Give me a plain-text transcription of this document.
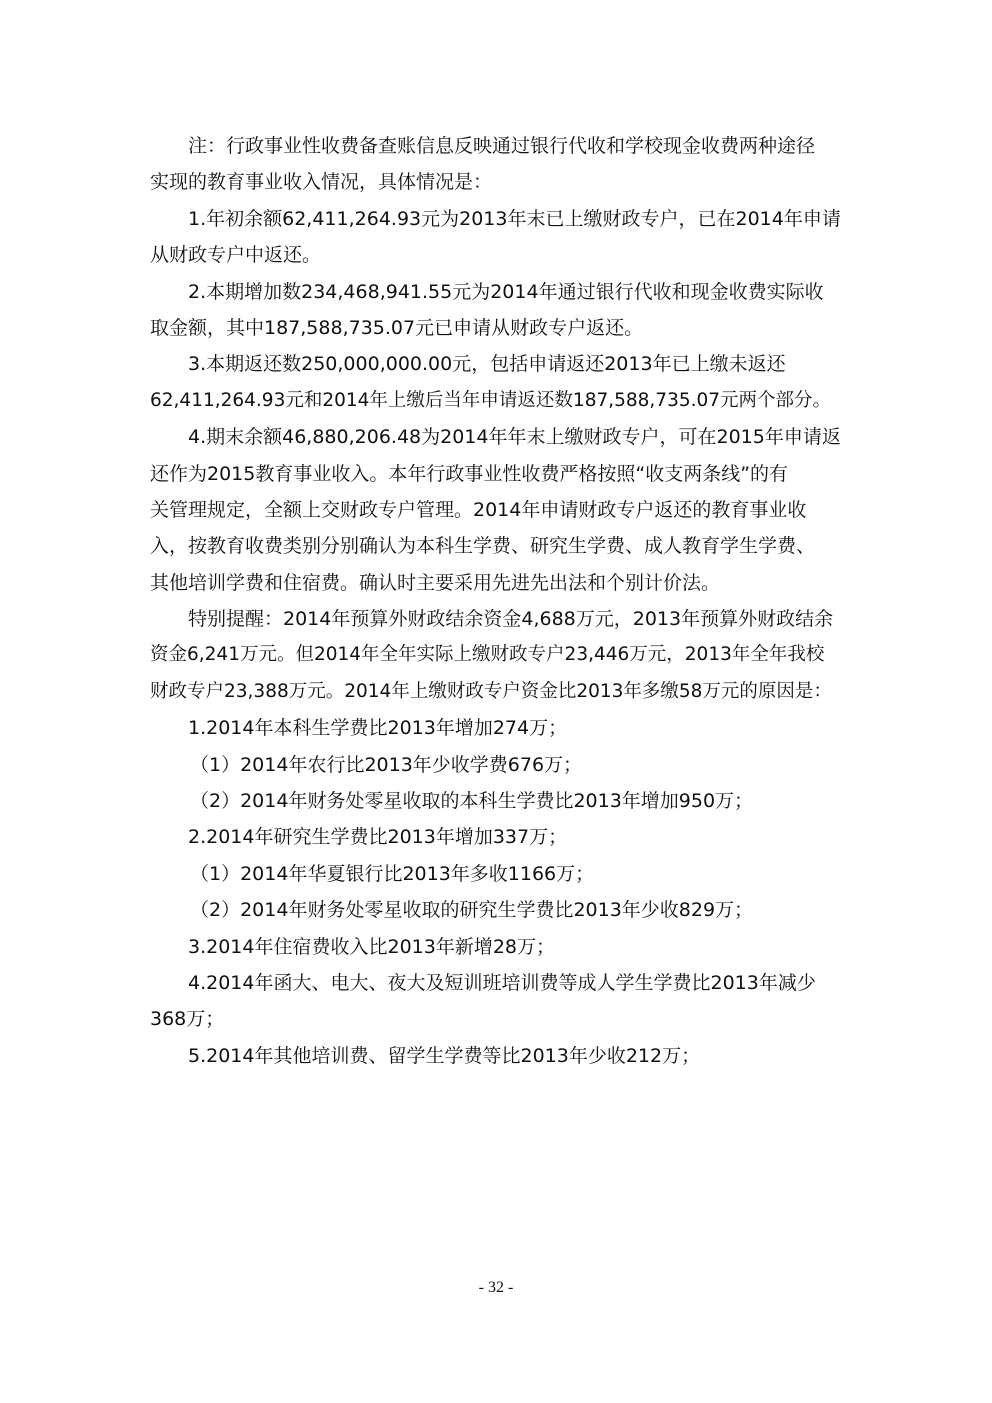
注：行政事业性收费备查账信息反映通过银行代收和学校现金收费两种途径
实现的教育事业收入情况，具体情况是：
1.年初余额62,411,264.93元为2013年末已上缴财政专户，已在2014年申请
从财政专户中返还。
2.本期增加数234,468,941.55元为2014年通过银行代收和现金收费实际收
取金额，其中187,588,735.07元已申请从财政专户返还。
3.本期返还数250,000,000.00元，包括申请返还2013年已上缴未返还
62,411,264.93元和2014年上缴后当年申请返还数187,588,735.07元两个部分。
4.期末余额46,880,206.48为2014年年末上缴财政专户，可在2015年申请返
还作为2015教育事业收入。本年行政事业性收费严格按照“收支两条线”的有
关管理规定，全额上交财政专户管理。2014年申请财政专户返还的教育事业收
入，按教育收费类别分别确认为本科生学费、研究生学费、成人教育学生学费、
其他培训学费和住宿费。确认时主要采用先进先出法和个别计价法。
特别提醒：2014年预算外财政结余资金4,688万元，2013年预算外财政结余
资金6,241万元。但2014年全年实际上缴财政专户23,446万元，2013年全年我校
财政专户23,388万元。2014年上缴财政专户资金比2013年多缴58万元的原因是：
1.2014年本科生学费比2013年增加274万；
（1）2014年农行比2013年少收学费676万；
（2）2014年财务处零星收取的本科生学费比2013年增加950万；
2.2014年研究生学费比2013年增加337万；
（1）2014年华夏银行比2013年多收1166万；
（2）2014年财务处零星收取的研究生学费比2013年少收829万；
3.2014年住宿费收入比2013年新增28万；
4.2014年函大、电大、夜大及短训班培训费等成人学生学费比2013年减少
368万；
5.2014年其他培训费、留学生学费等比2013年少收212万；
- 32 -
